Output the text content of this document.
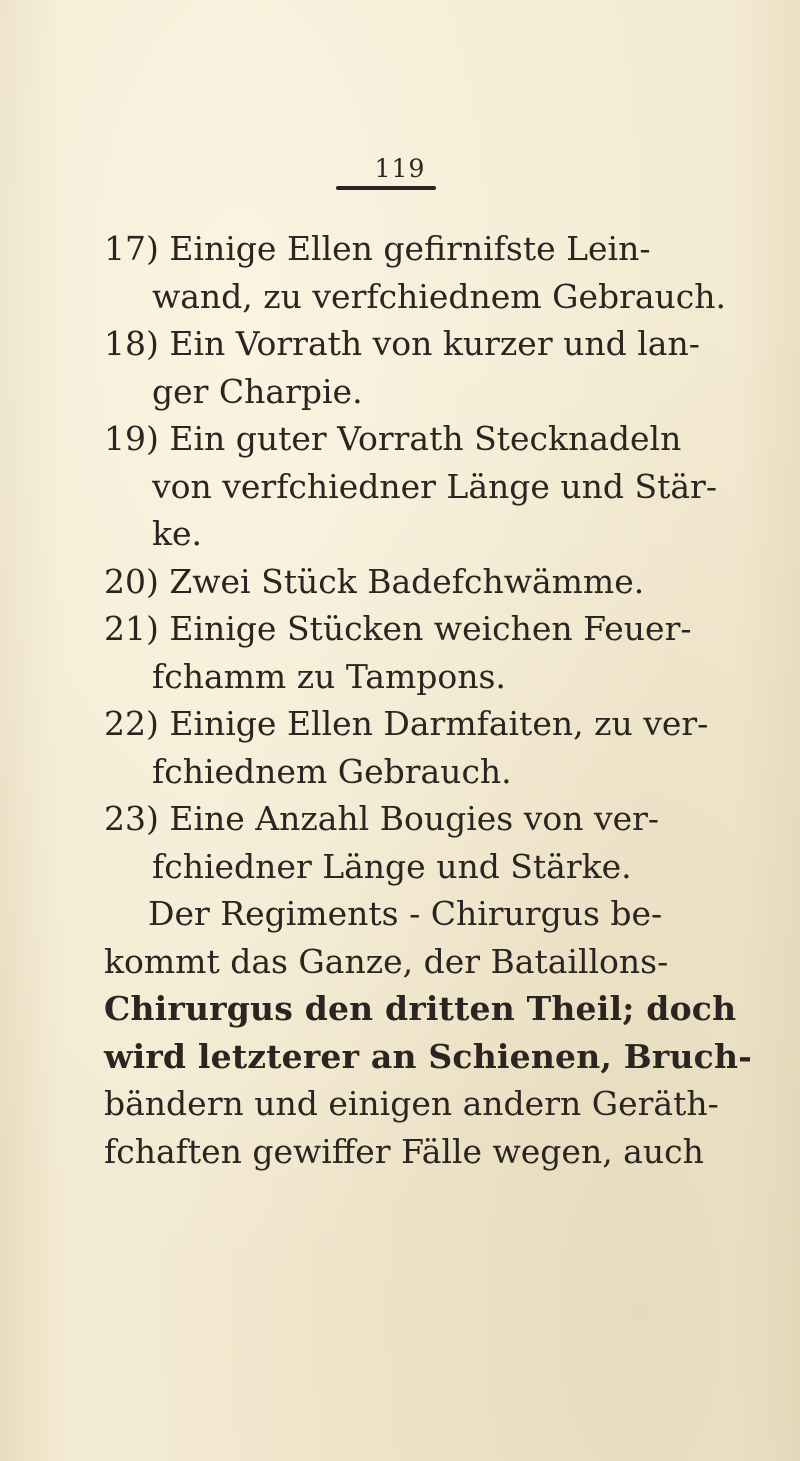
119
17) Einige Ellen gefirnifste Lein-
wand, zu verfchiednem Gebrauch.
18) Ein Vorrath von kurzer und lan-
ger Charpie.
19) Ein guter Vorrath Stecknadeln
von verfchiedner Länge und Stär-
ke.
20) Zwei Stück Badefchwämme.
21) Einige Stücken weichen Feuer-
fchamm zu Tampons.
22) Einige Ellen Darmfaiten, zu ver-
fchiednem Gebrauch.
23) Eine Anzahl Bougies von ver-
fchiedner Länge und Stärke.
Der Regiments - Chirurgus be-
kommt das Ganze, der Bataillons-
Chirurgus den dritten Theil; doch
wird letzterer an Schienen, Bruch-
bändern und einigen andern Geräth-
fchaften gewiffer Fälle wegen, auch
